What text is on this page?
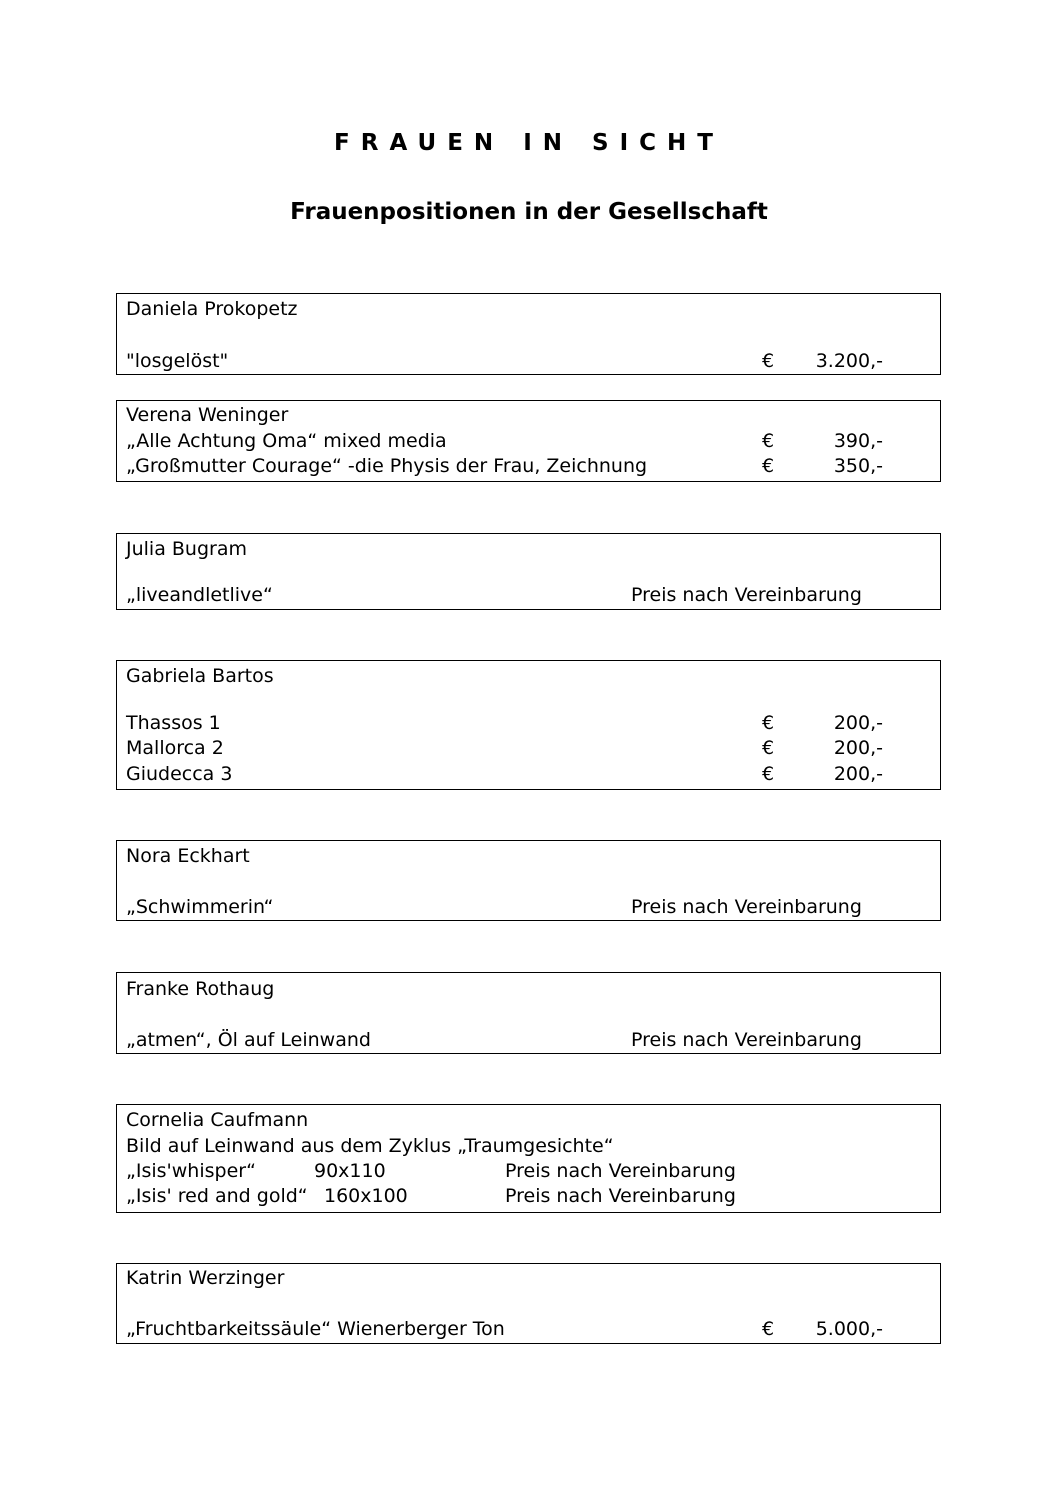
FRAUEN IN SICHT
Frauenpositionen in der Gesellschaft
Daniela Prokopetz
"losgelöst"	€	3.200,-
Verena Weninger
„Alle Achtung Oma“ mixed media	€	390,-
„Großmutter Courage“ -die Physis der Frau, Zeichnung	€	350,-
Julia Bugram
„liveandletlive“	Preis nach Vereinbarung
Gabriela Bartos
Thassos 1	€	200,-
Mallorca 2	€	200,-
Giudecca 3	€	200,-
Nora Eckhart
„Schwimmerin“	Preis nach Vereinbarung
Franke Rothaug
„atmen“, Öl auf Leinwand	Preis nach Vereinbarung
Cornelia Caufmann
Bild auf Leinwand aus dem Zyklus „Traumgesichte“
„Isis'whisper“	90x110	Preis nach Vereinbarung
„Isis' red and gold“ 160x100	Preis nach Vereinbarung
Katrin Werzinger
„Fruchtbarkeitssäule“ Wienerberger Ton	€	5.000,-
